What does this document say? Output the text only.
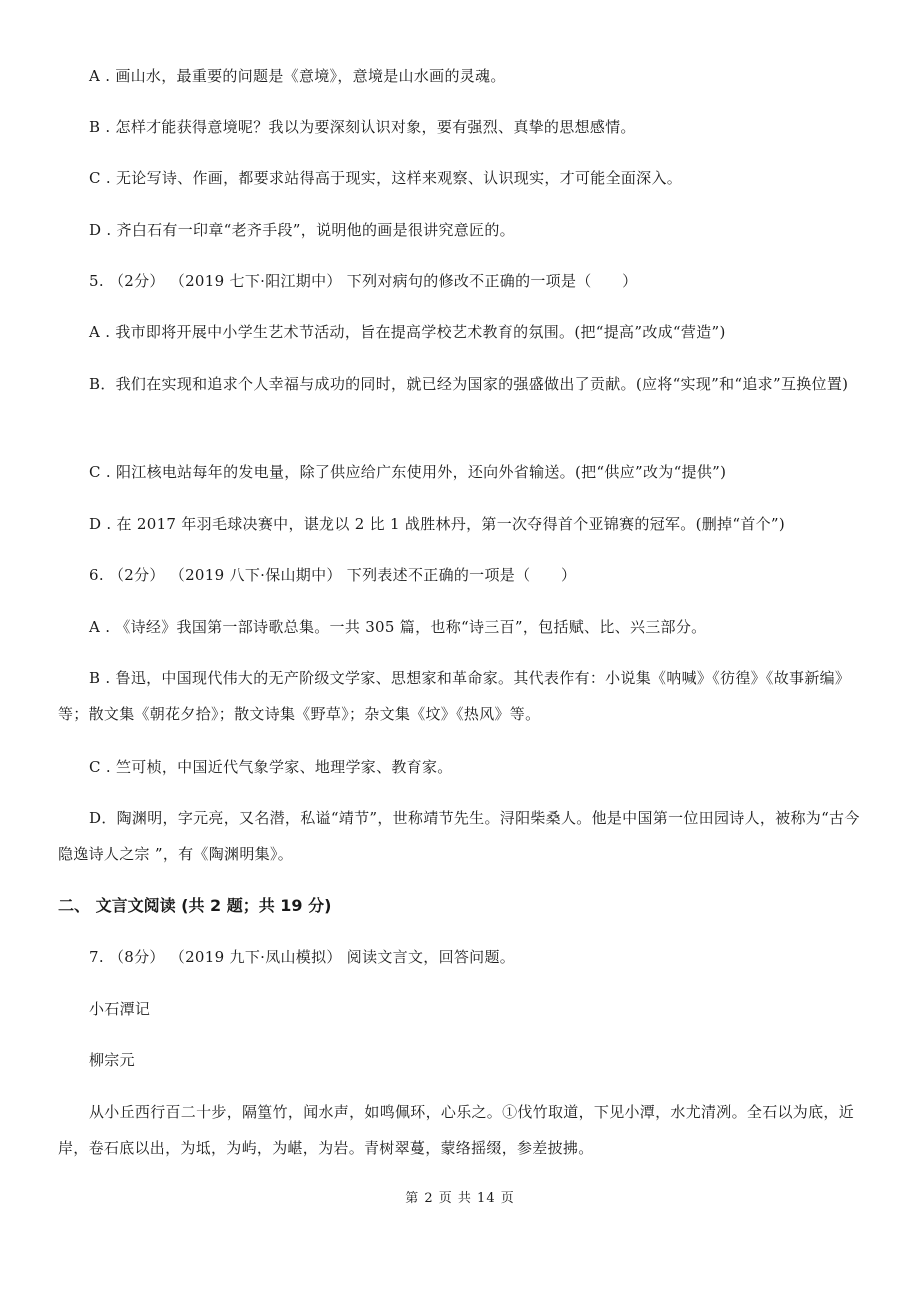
A . 画山水，最重要的问题是《意境》，意境是山水画的灵魂。
B . 怎样才能获得意境呢？我以为要深刻认识对象，要有强烈、真挚的思想感情。
C . 无论写诗、作画，都要求站得高于现实，这样来观察、认识现实，才可能全面深入。
D . 齐白石有一印章“老齐手段”，说明他的画是很讲究意匠的。
5. （2分） （2019 七下·阳江期中） 下列对病句的修改不正确的一项是（　　）
A . 我市即将开展中小学生艺术节活动，旨在提高学校艺术教育的氛围。(把“提高”改成“营造”)
B．我们在实现和追求个人幸福与成功的同时，就已经为国家的强盛做出了贡献。(应将“实现”和“追求”互换位置)
C . 阳江核电站每年的发电量，除了供应给广东使用外，还向外省输送。(把“供应”改为“提供”)
D . 在 2017 年羽毛球决赛中，谌龙以 2 比 1 战胜林丹，第一次夺得首个亚锦赛的冠军。(删掉“首个”)
6. （2分） （2019 八下·保山期中） 下列表述不正确的一项是（　　）
A . 《诗经》我国第一部诗歌总集。一共 305 篇，也称“诗三百”，包括赋、比、兴三部分。
B . 鲁迅，中国现代伟大的无产阶级文学家、思想家和革命家。其代表作有：小说集《呐喊》《彷徨》《故事新编》等；散文集《朝花夕拾》；散文诗集《野草》；杂文集《坟》《热风》等。
C . 竺可桢，中国近代气象学家、地理学家、教育家。
D．陶渊明，字元亮，又名潜，私谥“靖节”，世称靖节先生。浔阳柴桑人。他是中国第一位田园诗人，被称为“古今隐逸诗人之宗 ”，有《陶渊明集》。
二、 文言文阅读 (共 2 题；共 19 分)
7. （8分） （2019 九下·凤山模拟） 阅读文言文，回答问题。
小石潭记
柳宗元
从小丘西行百二十步，隔篁竹，闻水声，如鸣佩环，心乐之。①伐竹取道，下见小潭，水尤清冽。全石以为底，近岸，卷石底以出，为坻，为屿，为嵁，为岩。青树翠蔓，蒙络摇缀，参差披拂。
第 2 页 共 14 页
